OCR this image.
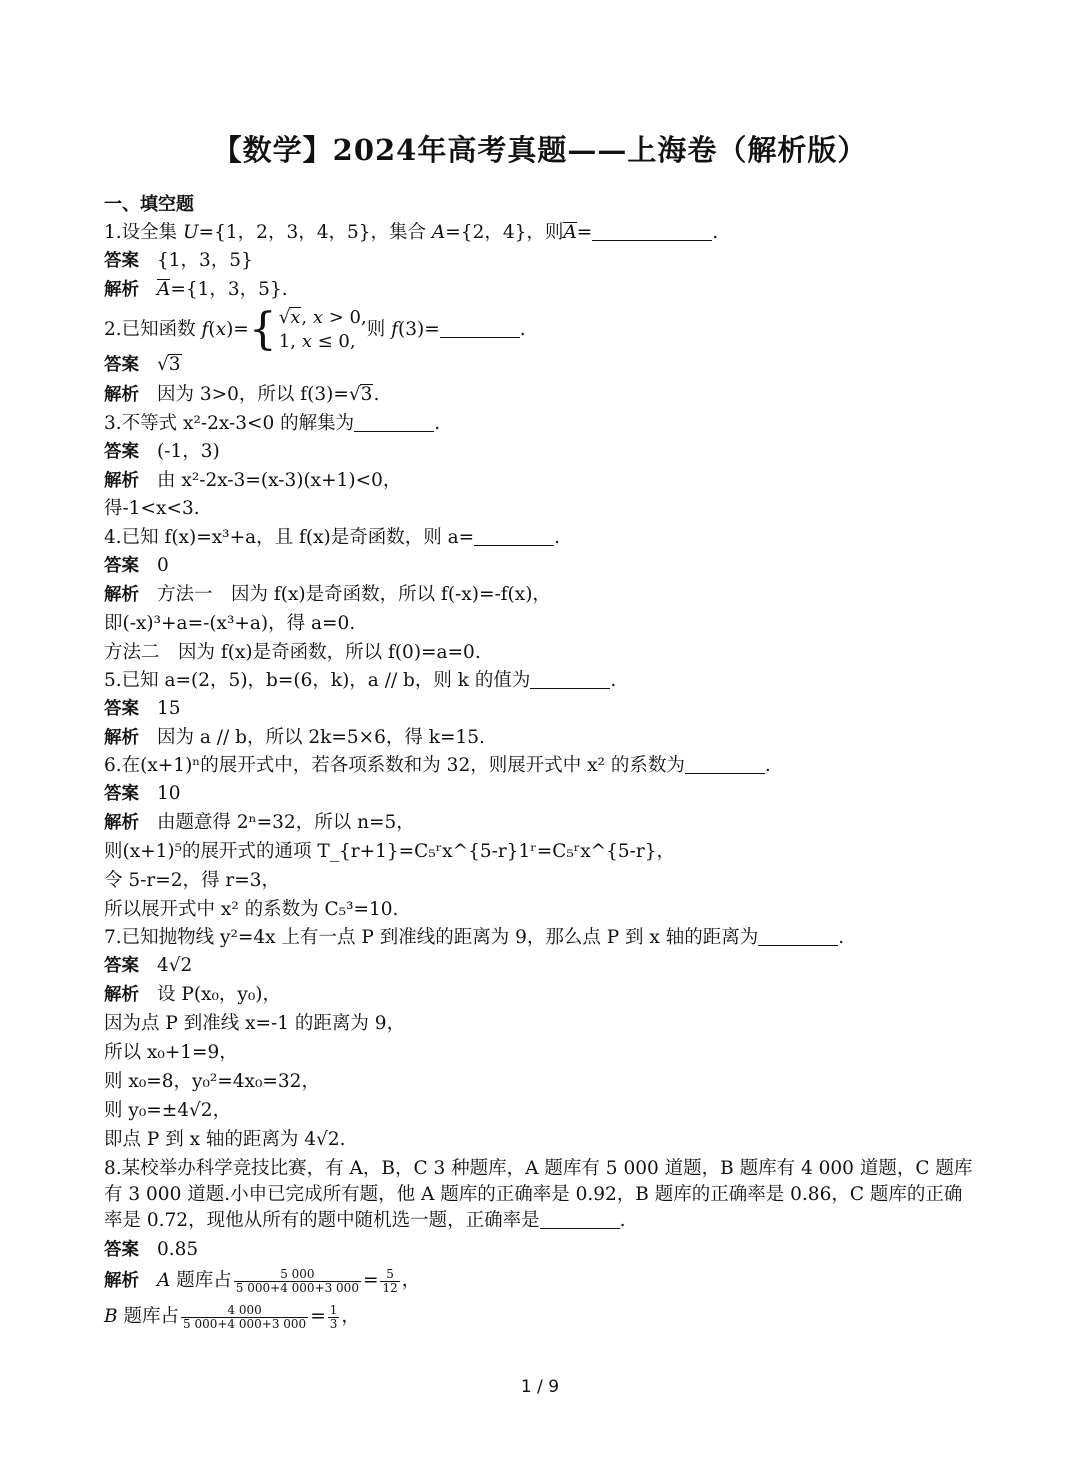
【数学】2024年高考真题——上海卷（解析版）
一、填空题
1.设全集 U={1，2，3，4，5}，集合 A={2，4}，则A=	.
答案 {1，3，5}
解析 A={1，3，5}.
2.已知函数 f(x)={ √x, x > 0,
1, x ≤ 0,
则 f(3)=	.
答案 √3
解析 因为 3>0，所以 f(3)=√3.
3.不等式 x²-2x-3<0 的解集为	.
答案 (-1，3)
解析 由 x²-2x-3=(x-3)(x+1)<0，
得-1<x<3.
4.已知 f(x)=x³+a，且 f(x)是奇函数，则 a=	.
答案 0
解析 方法一　因为 f(x)是奇函数，所以 f(-x)=-f(x)，
即(-x)³+a=-(x³+a)，得 a=0.
方法二　因为 f(x)是奇函数，所以 f(0)=a=0.
5.已知 a=(2，5)，b=(6，k)，a // b，则 k 的值为	.
答案 15
解析 因为 a // b，所以 2k=5×6，得 k=15.
6.在(x+1)ⁿ的展开式中，若各项系数和为 32，则展开式中 x² 的系数为	.
答案 10
解析 由题意得 2ⁿ=32，所以 n=5，
则(x+1)⁵的展开式的通项 T_{r+1}=C₅ʳx^{5-r}1ʳ=C₅ʳx^{5-r}，
令 5-r=2，得 r=3，
所以展开式中 x² 的系数为 C₅³=10.
7.已知抛物线 y²=4x 上有一点 P 到准线的距离为 9，那么点 P 到 x 轴的距离为	.
答案 4√2
解析 设 P(x₀，y₀)，
因为点 P 到准线 x=-1 的距离为 9，
所以 x₀+1=9，
则 x₀=8，y₀²=4x₀=32，
则 y₀=±4√2，
即点 P 到 x 轴的距离为 4√2.
8.某校举办科学竞技比赛，有 A，B，C 3 种题库，A 题库有 5 000 道题，B 题库有 4 000 道题，C 题库有 3 000 道题.小申已完成所有题，他 A 题库的正确率是 0.92，B 题库的正确率是 0.86，C 题库的正确率是 0.72，现他从所有的题中随机选一题，正确率是	.
答案 0.85
解析 A 题库占 $\frac{5 000}{5 000+4 000+3 000} = \frac{5}{12}$ ，
B 题库占 $\frac{4 000}{5 000+4 000+3 000} = \frac{1}{3}$ ，
1 / 9
